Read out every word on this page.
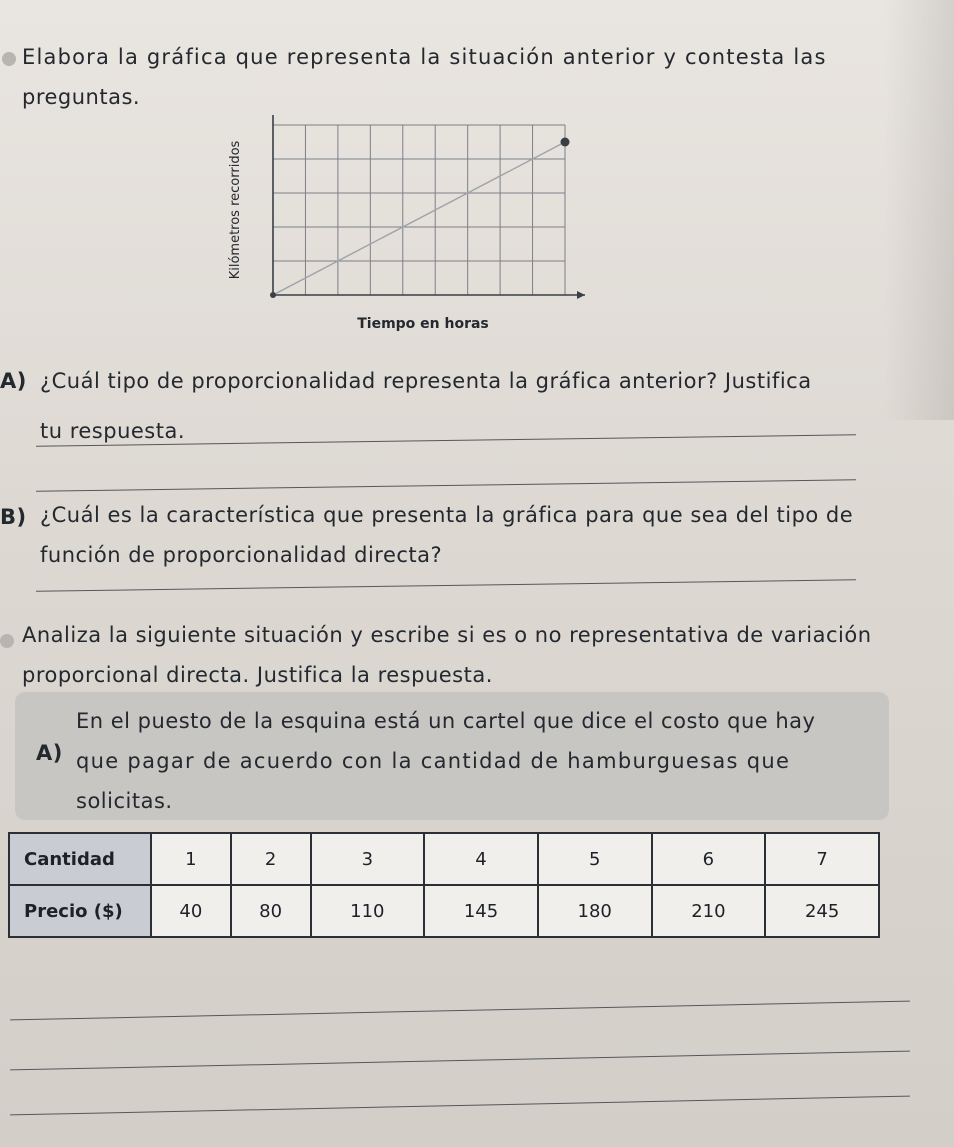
Elabora la gráfica que representa la situación anterior y contesta las
preguntas.
Tiempo en horas
Kilómetros recorridos
A) ¿Cuál tipo de proporcionalidad representa la gráfica anterior? Justifica
tu respuesta.
B) ¿Cuál es la característica que presenta la gráfica para que sea del tipo de
función de proporcionalidad directa?
Analiza la siguiente situación y escribe si es o no representativa de variación
proporcional directa. Justifica la respuesta.
A)
En el puesto de la esquina está un cartel que dice el costo que hay
que pagar de acuerdo con la cantidad de hamburguesas que
solicitas.
Cantidad	1	2	3	4	5	6	7
Precio ($)	40	80	110	145	180	210	245
